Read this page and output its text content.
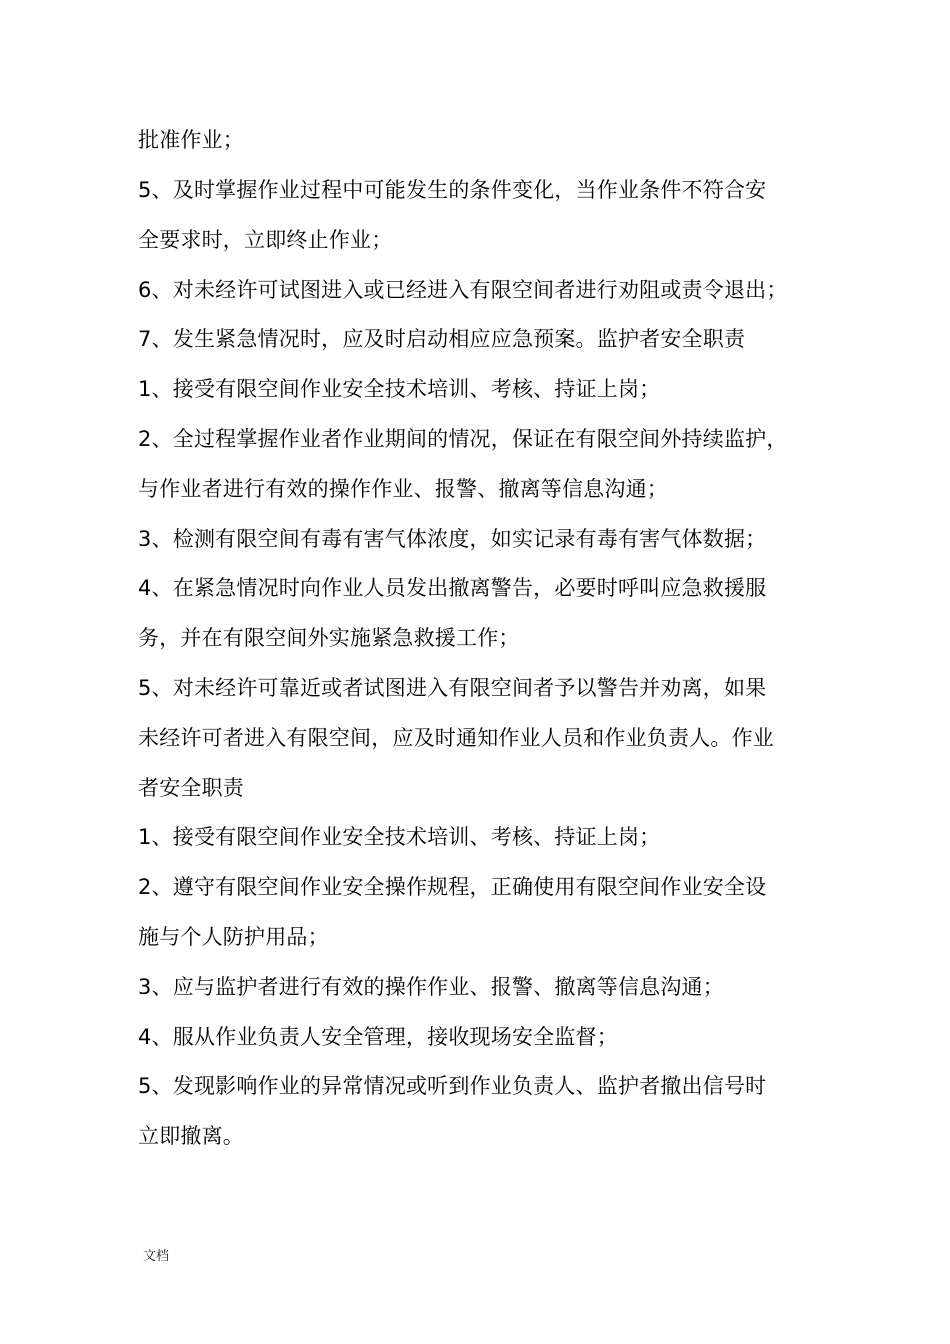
批准作业；
5、及时掌握作业过程中可能发生的条件变化，当作业条件不符合安
全要求时，立即终止作业；
6、对未经许可试图进入或已经进入有限空间者进行劝阻或责令退出；
7、发生紧急情况时，应及时启动相应应急预案。监护者安全职责
1、接受有限空间作业安全技术培训、考核、持证上岗；
2、全过程掌握作业者作业期间的情况，保证在有限空间外持续监护，
与作业者进行有效的操作作业、报警、撤离等信息沟通；
3、检测有限空间有毒有害气体浓度，如实记录有毒有害气体数据；
4、在紧急情况时向作业人员发出撤离警告，必要时呼叫应急救援服
务，并在有限空间外实施紧急救援工作；
5、对未经许可靠近或者试图进入有限空间者予以警告并劝离，如果
未经许可者进入有限空间，应及时通知作业人员和作业负责人。作业
者安全职责
1、接受有限空间作业安全技术培训、考核、持证上岗；
2、遵守有限空间作业安全操作规程，正确使用有限空间作业安全设
施与个人防护用品；
3、应与监护者进行有效的操作作业、报警、撤离等信息沟通；
4、服从作业负责人安全管理，接收现场安全监督；
5、发现影响作业的异常情况或听到作业负责人、监护者撤出信号时
立即撤离。
文档
